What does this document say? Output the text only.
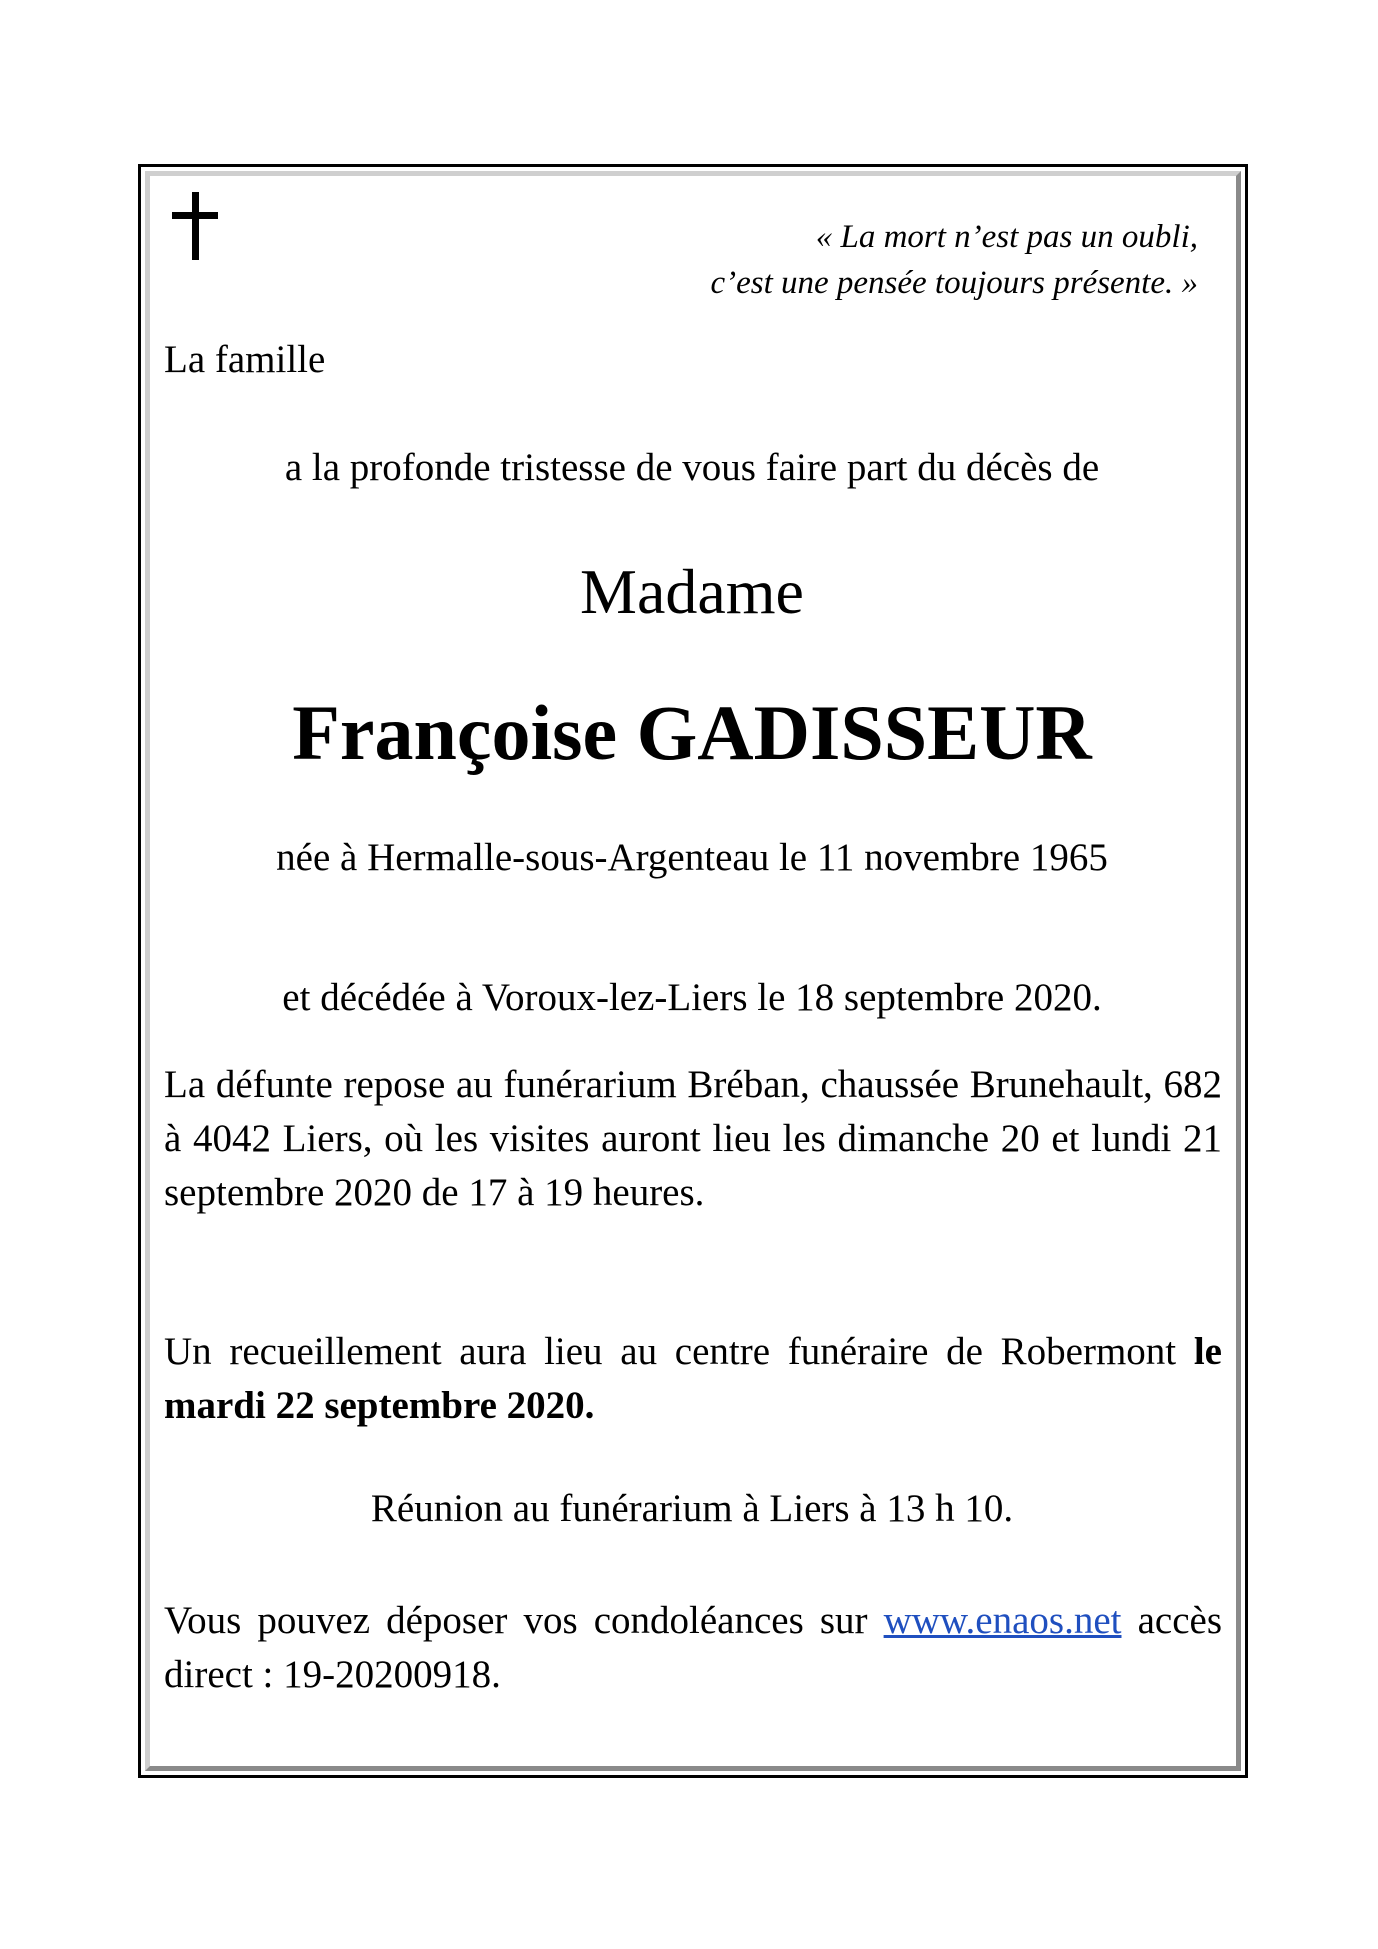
« La mort n’est pas un oubli,
c’est une pensée toujours présente. »
La famille
a la profonde tristesse de vous faire part du décès de
Madame
Françoise GADISSEUR
née à Hermalle-sous-Argenteau le 11 novembre 1965
et décédée à Voroux-lez-Liers le 18 septembre 2020.
La défunte repose au funérarium Bréban, chaussée Brunehault, 682 à 4042 Liers, où les visites auront lieu les dimanche 20 et lundi 21 septembre 2020 de 17 à 19 heures.
Un recueillement aura lieu au centre funéraire de Robermont le mardi 22 septembre 2020.
Réunion au funérarium à Liers à 13 h 10.
Vous pouvez déposer vos condoléances sur www.enaos.net accès direct : 19-20200918.
